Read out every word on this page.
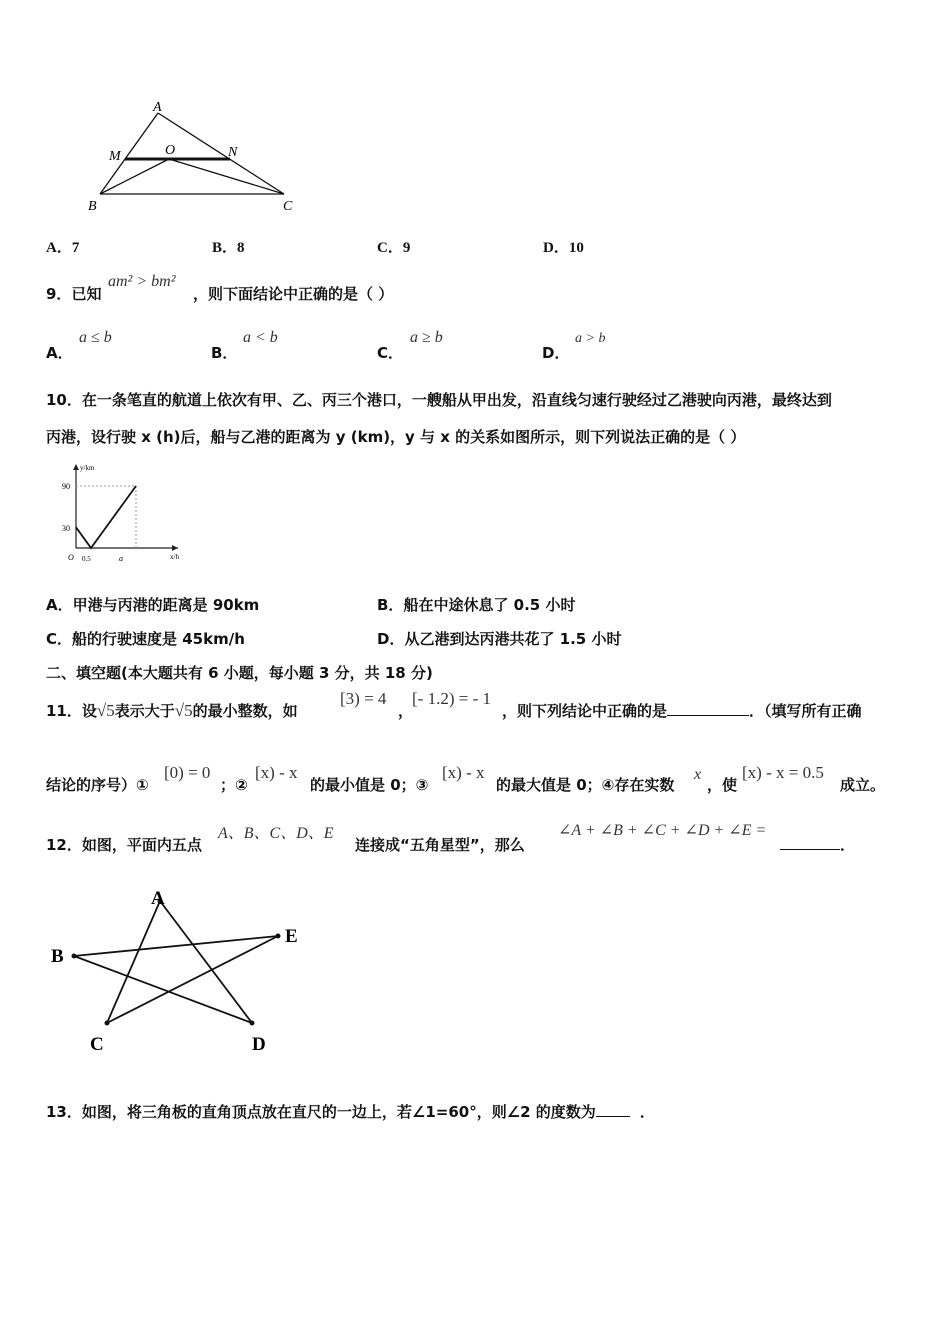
A
M	O	N
B	C
A．7	B．8	C．9	D．10
9．已知
am² > bm²
，则下面结论中正确的是（ ）
A．
a ≤ b
B．
a < b
C．
a ≥ b
D．
a > b
10．在一条笔直的航道上依次有甲、乙、丙三个港口，一艘船从甲出发，沿直线匀速行驶经过乙港驶向丙港，最终达到
丙港，设行驶 x (h)后，船与乙港的距离为 y (km)，y 与 x 的关系如图所示，则下列说法正确的是（ ）
y/km
x/h
O
90
30
0.5	a
A．甲港与丙港的距离是 90km	B．船在中途休息了 0.5 小时
C．船的行驶速度是 45km/h	D．从乙港到达丙港共花了 1.5 小时
二、填空题(本大题共有 6 小题，每小题 3 分，共 18 分)
11．设√5表示大于√5的最小整数，如
[3) = 4
，
[- 1.2) = - 1
，则下列结论中正确的是	．（填写所有正确
结论的序号）①
[0) = 0
；②
[x) - x
的最小值是 0；③
[x) - x
的最大值是 0；④存在实数
x
，使
[x) - x = 0.5
成立。
12．如图，平面内五点
A、B、C、D、E
连接成“五角星型”，那么
∠A + ∠B + ∠C + ∠D + ∠E =
．
A
B
E
C	D
13．如图，将三角板的直角顶点放在直尺的一边上，若∠1=60°，则∠2 的度数为	．
